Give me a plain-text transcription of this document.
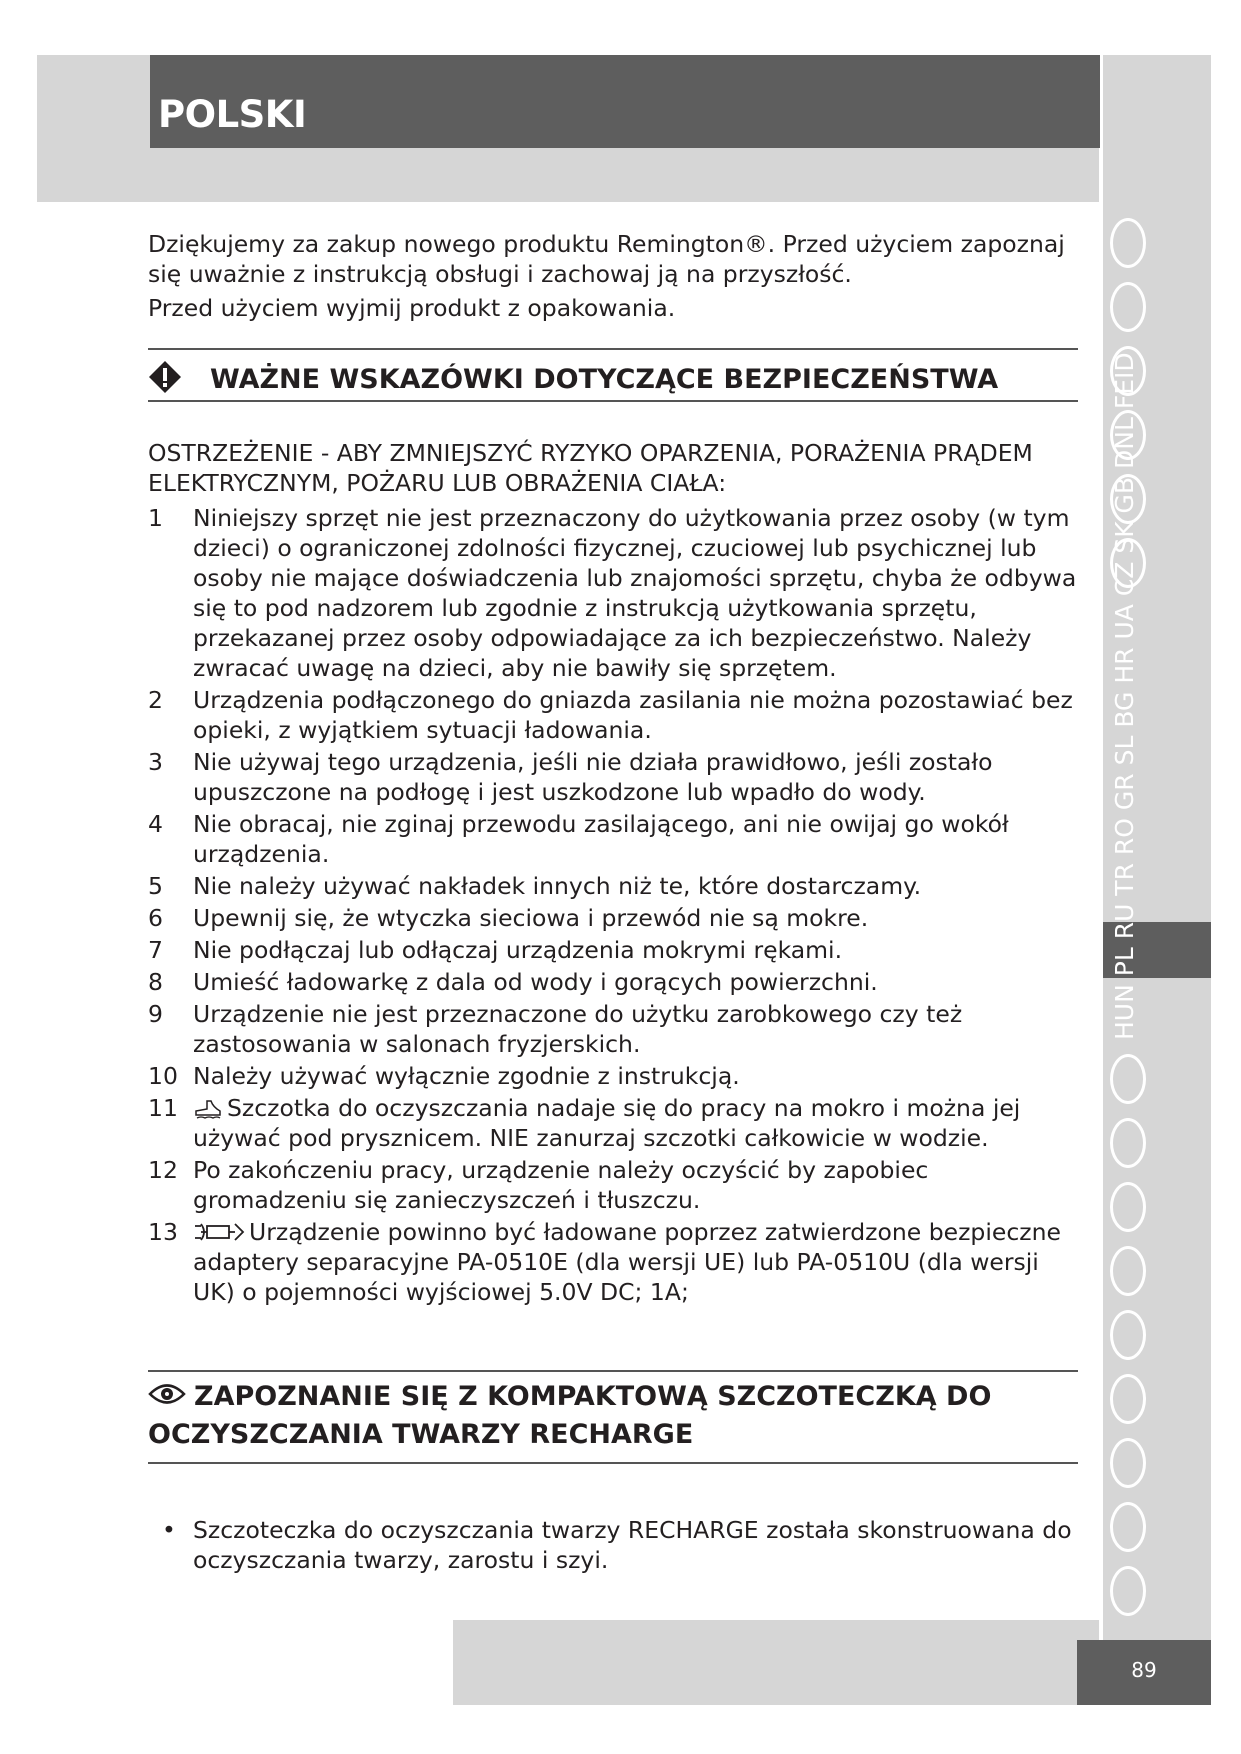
POLSKI
HUN PL RU TR RO GR SL BG HR UA CZ SK GB DNL FEID

Dziękujemy za zakup nowego produktu Remington®. Przed użyciem zapoznaj się uważnie z instrukcją obsługi i zachowaj ją na przyszłość.

Przed użyciem wyjmij produkt z opakowania.

WAŻNE WSKAZÓWKI DOTYCZĄCE BEZPIECZEŃSTWA
OSTRZEŻENIE - ABY ZMNIEJSZYĆ RYZYKO OPARZENIA, PORAŻENIA PRĄDEM ELEKTRYCZNYM, POŻARU LUB OBRAŻENIA CIAŁA:
1 Niniejszy sprzęt nie jest przeznaczony do użytkowania przez osoby (w tym dzieci) o ograniczonej zdolności fizycznej, czuciowej lub psychicznej lub osoby nie mające doświadczenia lub znajomości sprzętu, chyba że odbywa się to pod nadzorem lub zgodnie z instrukcją użytkowania sprzętu, przekazanej przez osoby odpowiadające za ich bezpieczeństwo. Należy zwracać uwagę na dzieci, aby nie bawiły się sprzętem.
2 Urządzenia podłączonego do gniazda zasilania nie można pozostawiać bez opieki, z wyjątkiem sytuacji ładowania.
3 Nie używaj tego urządzenia, jeśli nie działa prawidłowo, jeśli zostało upuszczone na podłogę i jest uszkodzone lub wpadło do wody.
4 Nie obracaj, nie zginaj przewodu zasilającego, ani nie owijaj go wokół urządzenia.
5 Nie należy używać nakładek innych niż te, które dostarczamy.
6 Upewnij się, że wtyczka sieciowa i przewód nie są mokre.
7 Nie podłączaj lub odłączaj urządzenia mokrymi rękami.
8 Umieść ładowarkę z dala od wody i gorących powierzchni.
9 Urządzenie nie jest przeznaczone do użytku zarobkowego czy też zastosowania w salonach fryzjerskich.
10 Należy używać wyłącznie zgodnie z instrukcją.
11 Szczotka do oczyszczania nadaje się do pracy na mokro i można jej używać pod prysznicem. NIE zanurzaj szczotki całkowicie w wodzie.
12 Po zakończeniu pracy, urządzenie należy oczyścić by zapobiec gromadzeniu się zanieczyszczeń i tłuszczu.
13	Urządzenie powinno być ładowane poprzez zatwierdzone bezpieczne adaptery separacyjne PA-0510E (dla wersji UE) lub PA-0510U (dla wersji UK) o pojemności wyjściowej 5.0V DC; 1A;
ZAPOZNANIE SIĘ Z KOMPAKTOWĄ SZCZOTECZKĄ DO OCZYSZCZANIA TWARZY RECHARGE
• Szczoteczka do oczyszczania twarzy RECHARGE została skonstruowana do oczyszczania twarzy, zarostu i szyi.
89
